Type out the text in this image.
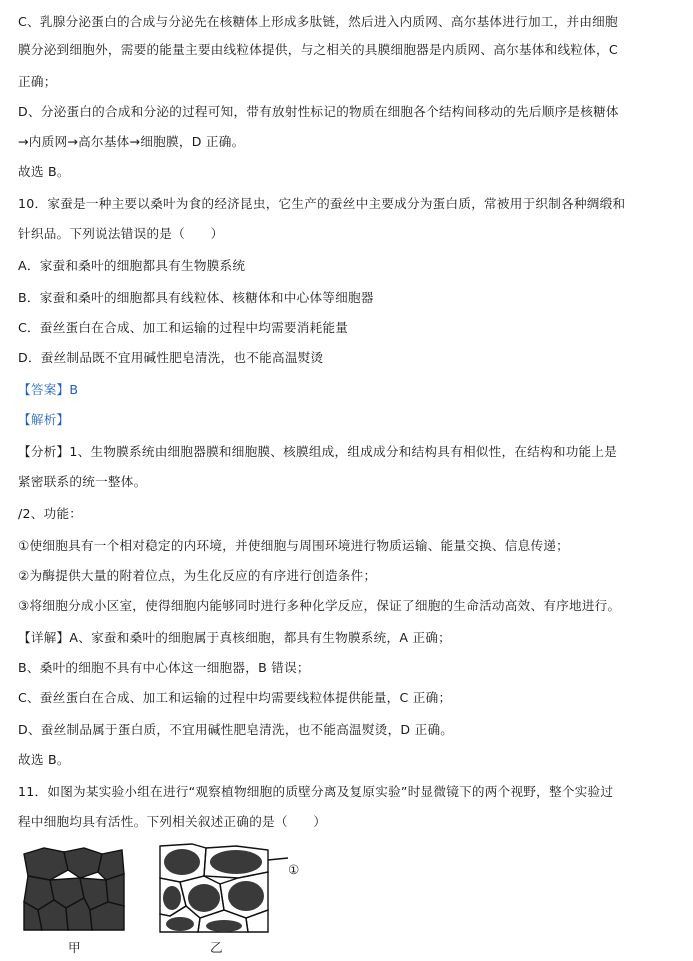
C、乳腺分泌蛋白的合成与分泌先在核糖体上形成多肽链，然后进入内质网、高尔基体进行加工，并由细胞
膜分泌到细胞外，需要的能量主要由线粒体提供，与之相关的具膜细胞器是内质网、高尔基体和线粒体，C
正确；
D、分泌蛋白的合成和分泌的过程可知，带有放射性标记的物质在细胞各个结构间移动的先后顺序是核糖体
→内质网→高尔基体→细胞膜，D 正确。
故选 B。
10．家蚕是一种主要以桑叶为食的经济昆虫，它生产的蚕丝中主要成分为蛋白质，常被用于织制各种绸缎和
针织品。下列说法错误的是（　　）
A．家蚕和桑叶的细胞都具有生物膜系统
B．家蚕和桑叶的细胞都具有线粒体、核糖体和中心体等细胞器
C．蚕丝蛋白在合成、加工和运输的过程中均需要消耗能量
D．蚕丝制品既不宜用碱性肥皂清洗，也不能高温熨烫
【答案】B
【解析】
【分析】1、生物膜系统由细胞器膜和细胞膜、核膜组成，组成成分和结构具有相似性，在结构和功能上是
紧密联系的统一整体。
/2、功能：
①使细胞具有一个相对稳定的内环境，并使细胞与周围环境进行物质运输、能量交换、信息传递；
②为酶提供大量的附着位点，为生化反应的有序进行创造条件；
③将细胞分成小区室，使得细胞内能够同时进行多种化学反应，保证了细胞的生命活动高效、有序地进行。
【详解】A、家蚕和桑叶的细胞属于真核细胞，都具有生物膜系统，A 正确；
B、桑叶的细胞不具有中心体这一细胞器，B 错误；
C、蚕丝蛋白在合成、加工和运输的过程中均需要线粒体提供能量，C 正确；
D、蚕丝制品属于蛋白质，不宜用碱性肥皂清洗，也不能高温熨烫，D 正确。
故选 B。
11．如图为某实验小组在进行“观察植物细胞的质壁分离及复原实验”时显微镜下的两个视野，整个实验过
程中细胞均具有活性。下列相关叙述正确的是（　　）
①
甲	乙
